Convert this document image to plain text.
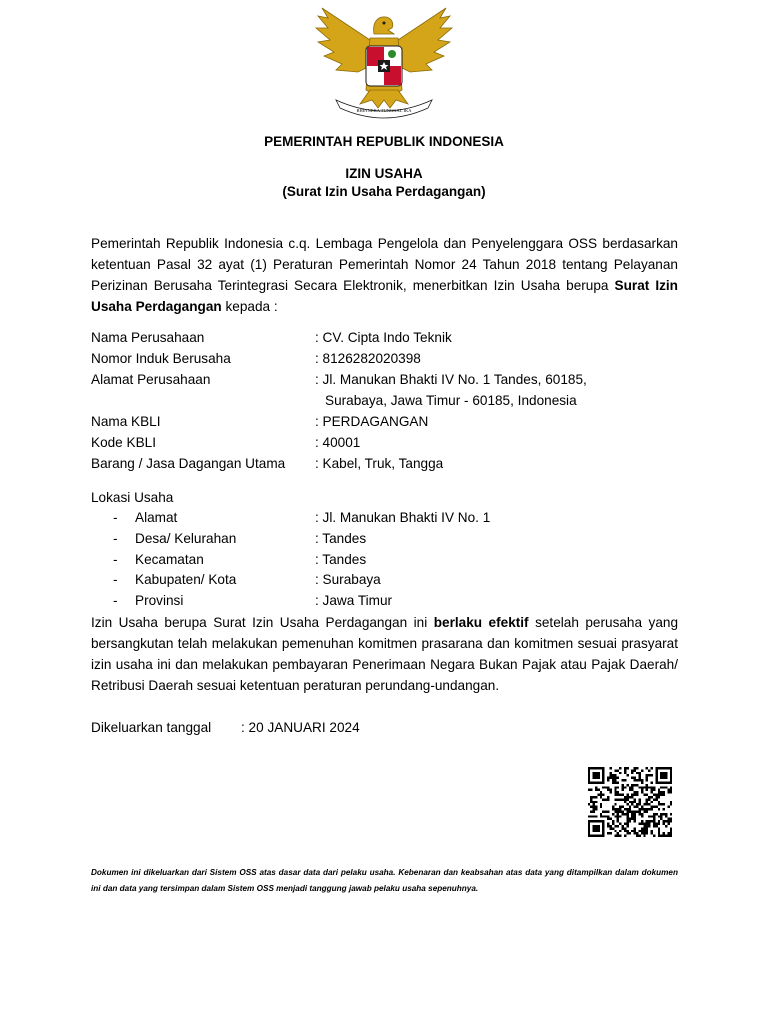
BHINNEKA TUNGGAL IKA
PEMERINTAH REPUBLIK INDONESIA
IZIN USAHA
(Surat Izin Usaha Perdagangan)
Pemerintah Republik Indonesia c.q. Lembaga Pengelola dan Penyelenggara OSS berdasarkan ketentuan Pasal 32 ayat (1) Peraturan Pemerintah Nomor 24 Tahun 2018 tentang Pelayanan Perizinan Berusaha Terintegrasi Secara Elektronik, menerbitkan Izin Usaha berupa Surat Izin Usaha Perdagangan kepada :
Nama Perusahaan	: CV. Cipta Indo Teknik
Nomor Induk Berusaha	: 8126282020398
Alamat Perusahaan	: Jl. Manukan Bhakti IV No. 1 Tandes, 60185,
Surabaya, Jawa Timur - 60185, Indonesia
Nama KBLI	: PERDAGANGAN
Kode KBLI	: 40001
Barang / Jasa Dagangan Utama	: Kabel, Truk, Tangga
Lokasi Usaha
-	Alamat	: Jl. Manukan Bhakti IV No. 1
-	Desa/ Kelurahan	: Tandes
-	Kecamatan	: Tandes
-	Kabupaten/ Kota	: Surabaya
-	Provinsi	: Jawa Timur
Izin Usaha berupa Surat Izin Usaha Perdagangan ini berlaku efektif setelah perusaha yang bersangkutan telah melakukan pemenuhan komitmen prasarana dan komitmen sesuai prasyarat izin usaha ini dan melakukan pembayaran Penerimaan Negara Bukan Pajak atau Pajak Daerah/ Retribusi Daerah sesuai ketentuan peraturan perundang-undangan.
Dikeluarkan tanggal : 20 JANUARI 2024
Dokumen ini dikeluarkan dari Sistem OSS atas dasar data dari pelaku usaha. Kebenaran dan keabsahan atas data yang ditampilkan dalam dokumen ini dan data yang tersimpan dalam Sistem OSS menjadi tanggung jawab pelaku usaha sepenuhnya.
